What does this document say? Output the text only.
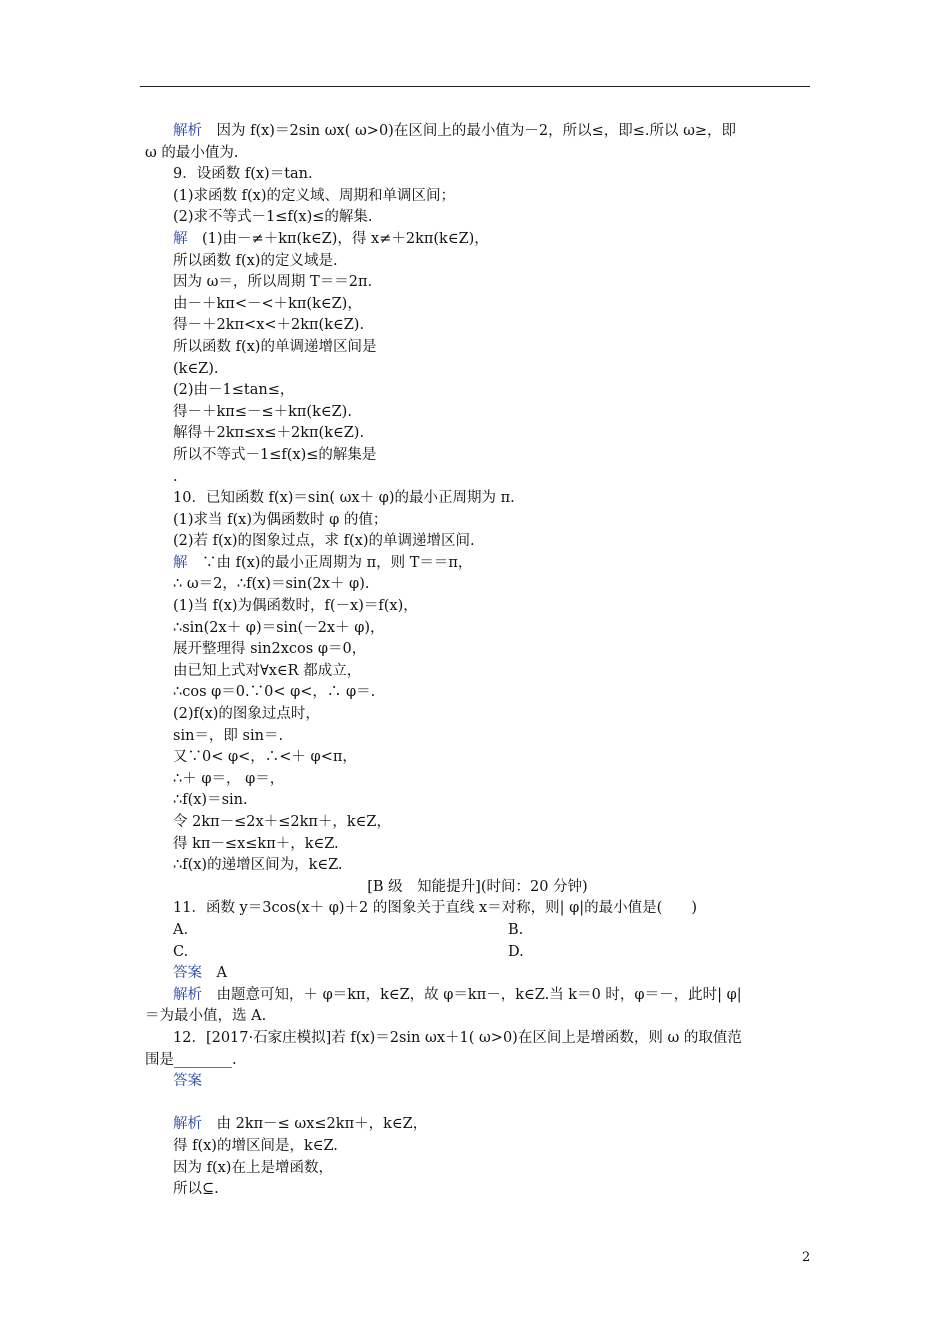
解析　因为 f(x)＝2sin ωx( ω>0)在区间上的最小值为－2，所以≤，即≤.所以 ω≥，即
ω 的最小值为.
9．设函数 f(x)＝tan.
(1)求函数 f(x)的定义域、周期和单调区间；
(2)求不等式－1≤f(x)≤的解集.
解　(1)由－≠＋kπ(k∈Z)，得 x≠＋2kπ(k∈Z)，
所以函数 f(x)的定义域是.
因为 ω＝，所以周期 T＝＝2π.
由－＋kπ<－<＋kπ(k∈Z)，
得－＋2kπ<x<＋2kπ(k∈Z).
所以函数 f(x)的单调递增区间是
(k∈Z).
(2)由－1≤tan≤，
得－＋kπ≤－≤＋kπ(k∈Z).
解得＋2kπ≤x≤＋2kπ(k∈Z).
所以不等式－1≤f(x)≤的解集是
.
10．已知函数 f(x)＝sin( ωx＋ φ)的最小正周期为 π.
(1)求当 f(x)为偶函数时 φ 的值；
(2)若 f(x)的图象过点，求 f(x)的单调递增区间.
解　∵由 f(x)的最小正周期为 π，则 T＝＝π，
∴ ω＝2，∴f(x)＝sin(2x＋ φ).
(1)当 f(x)为偶函数时，f(－x)＝f(x)，
∴sin(2x＋ φ)＝sin(－2x＋ φ)，
展开整理得 sin2xcos φ＝0，
由已知上式对∀x∈R 都成立，
∴cos φ＝0.∵0< φ<，∴ φ＝.
(2)f(x)的图象过点时，
sin＝，即 sin＝.
又∵0< φ<，∴<＋ φ<π，
∴＋ φ＝， φ＝，
∴f(x)＝sin.
令 2kπ－≤2x＋≤2kπ＋，k∈Z，
得 kπ－≤x≤kπ＋，k∈Z.
∴f(x)的递增区间为，k∈Z.
[B 级　知能提升](时间：20 分钟)
11．函数 y＝3cos(x＋ φ)＋2 的图象关于直线 x＝对称，则| φ|的最小值是(　　)
A.	B.
C.	D.
答案　A
解析　由题意可知，＋ φ＝kπ，k∈Z，故 φ＝kπ－，k∈Z.当 k＝0 时，φ＝－，此时| φ|
＝为最小值，选 A.
12．[2017·石家庄模拟]若 f(x)＝2sin ωx＋1( ω>0)在区间上是增函数，则 ω 的取值范
围是________.
答案
解析　由 2kπ－≤ ωx≤2kπ＋，k∈Z，
得 f(x)的增区间是，k∈Z.
因为 f(x)在上是增函数，
所以⊆.
2
